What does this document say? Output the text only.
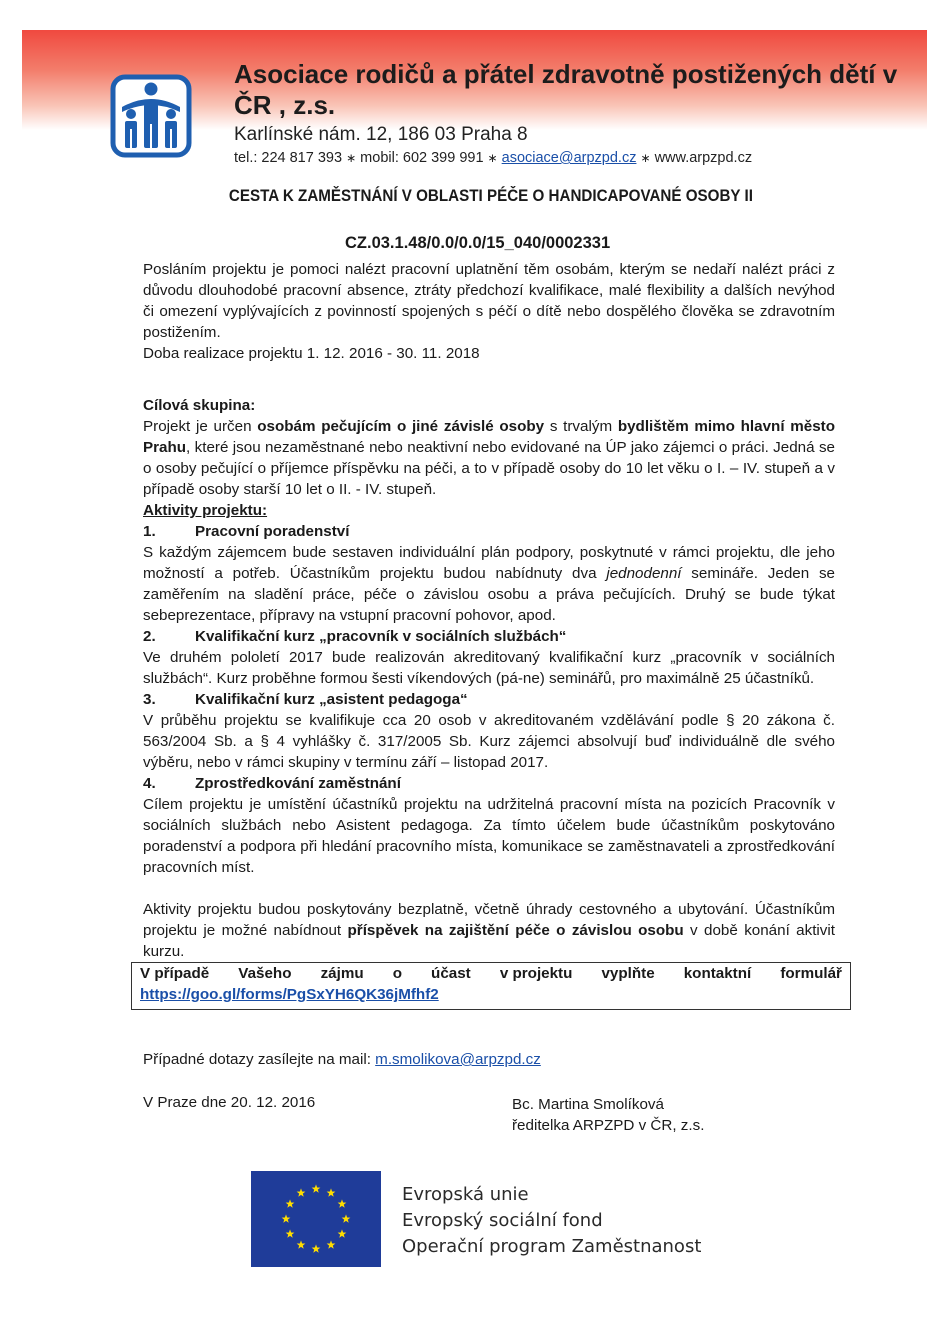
Asociace rodičů a přátel zdravotně postižených dětí v ČR , z.s.
Karlínské nám. 12, 186 03 Praha 8
tel.: 224 817 393 ∗ mobil: 602 399 991 ∗ asociace@arpzpd.cz ∗ www.arpzpd.cz
CESTA K ZAMĚSTNÁNÍ V OBLASTI PÉČE O HANDICAPOVANÉ OSOBY II
CZ.03.1.48/0.0/0.0/15_040/0002331

Posláním projektu je pomoci nalézt pracovní uplatnění těm osobám, kterým se nedaří nalézt práci z důvodu dlouhodobé pracovní absence, ztráty předchozí kvalifikace, malé flexibility a dalších nevýhod či omezení vyplývajících z povinností spojených s péčí o dítě nebo dospělého člověka se zdravotním postižením.

Doba realizace projektu 1. 12. 2016 - 30. 11. 2018

Cílová skupina:

Projekt je určen osobám pečujícím o jiné závislé osoby s trvalým bydlištěm mimo hlavní město Prahu, které jsou nezaměstnané nebo neaktivní nebo evidované na ÚP jako zájemci o práci. Jedná se o osoby pečující o příjemce příspěvku na péči, a to v případě osoby do 10 let věku o I. – IV. stupeň a v případě osoby starší 10 let o II. - IV. stupeň.

Aktivity projektu:

1.	Pracovní poradenství

S každým zájemcem bude sestaven individuální plán podpory, poskytnuté v rámci projektu, dle jeho možností a potřeb. Účastníkům projektu budou nabídnuty dva jednodenní semináře. Jeden se zaměřením na sladění práce, péče o závislou osobu a práva pečujících. Druhý se bude týkat sebeprezentace, přípravy na vstupní pracovní pohovor, apod.

2.	Kvalifikační kurz „pracovník v sociálních službách“

Ve druhém pololetí 2017 bude realizován akreditovaný kvalifikační kurz „pracovník v sociálních službách“. Kurz proběhne formou šesti víkendových (pá-ne) seminářů, pro maximálně 25 účastníků.

3.	Kvalifikační kurz „asistent pedagoga“

V průběhu projektu se kvalifikuje cca 20 osob v akreditovaném vzdělávání podle § 20 zákona č. 563/2004 Sb. a § 4 vyhlášky č. 317/2005 Sb. Kurz zájemci absolvují buď individuálně dle svého výběru, nebo v rámci skupiny v termínu září – listopad 2017.

4.	Zprostředkování zaměstnání

Cílem projektu je umístění účastníků projektu na udržitelná pracovní místa na pozicích Pracovník v sociálních službách nebo Asistent pedagoga. Za tímto účelem bude účastníkům poskytováno poradenství a podpora při hledání pracovního místa, komunikace se zaměstnavateli a zprostředkování pracovních míst.

Aktivity projektu budou poskytovány bezplatně, včetně úhrady cestovného a ubytování. Účastníkům projektu je možné nabídnout příspěvek na zajištění péče o závislou osobu v době konání aktivit kurzu.

V případě Vašeho zájmu o účast v projektu vyplňte kontaktní formulář
https://goo.gl/forms/PgSxYH6QK36jMfhf2
Případné dotazy zasílejte na mail: m.smolikova@arpzpd.cz
V Praze dne 20. 12. 2016	Bc. Martina Smolíková
ředitelka ARPZPD v ČR, z.s.
Evropská unie
Evropský sociální fond
Operační program Zaměstnanost
